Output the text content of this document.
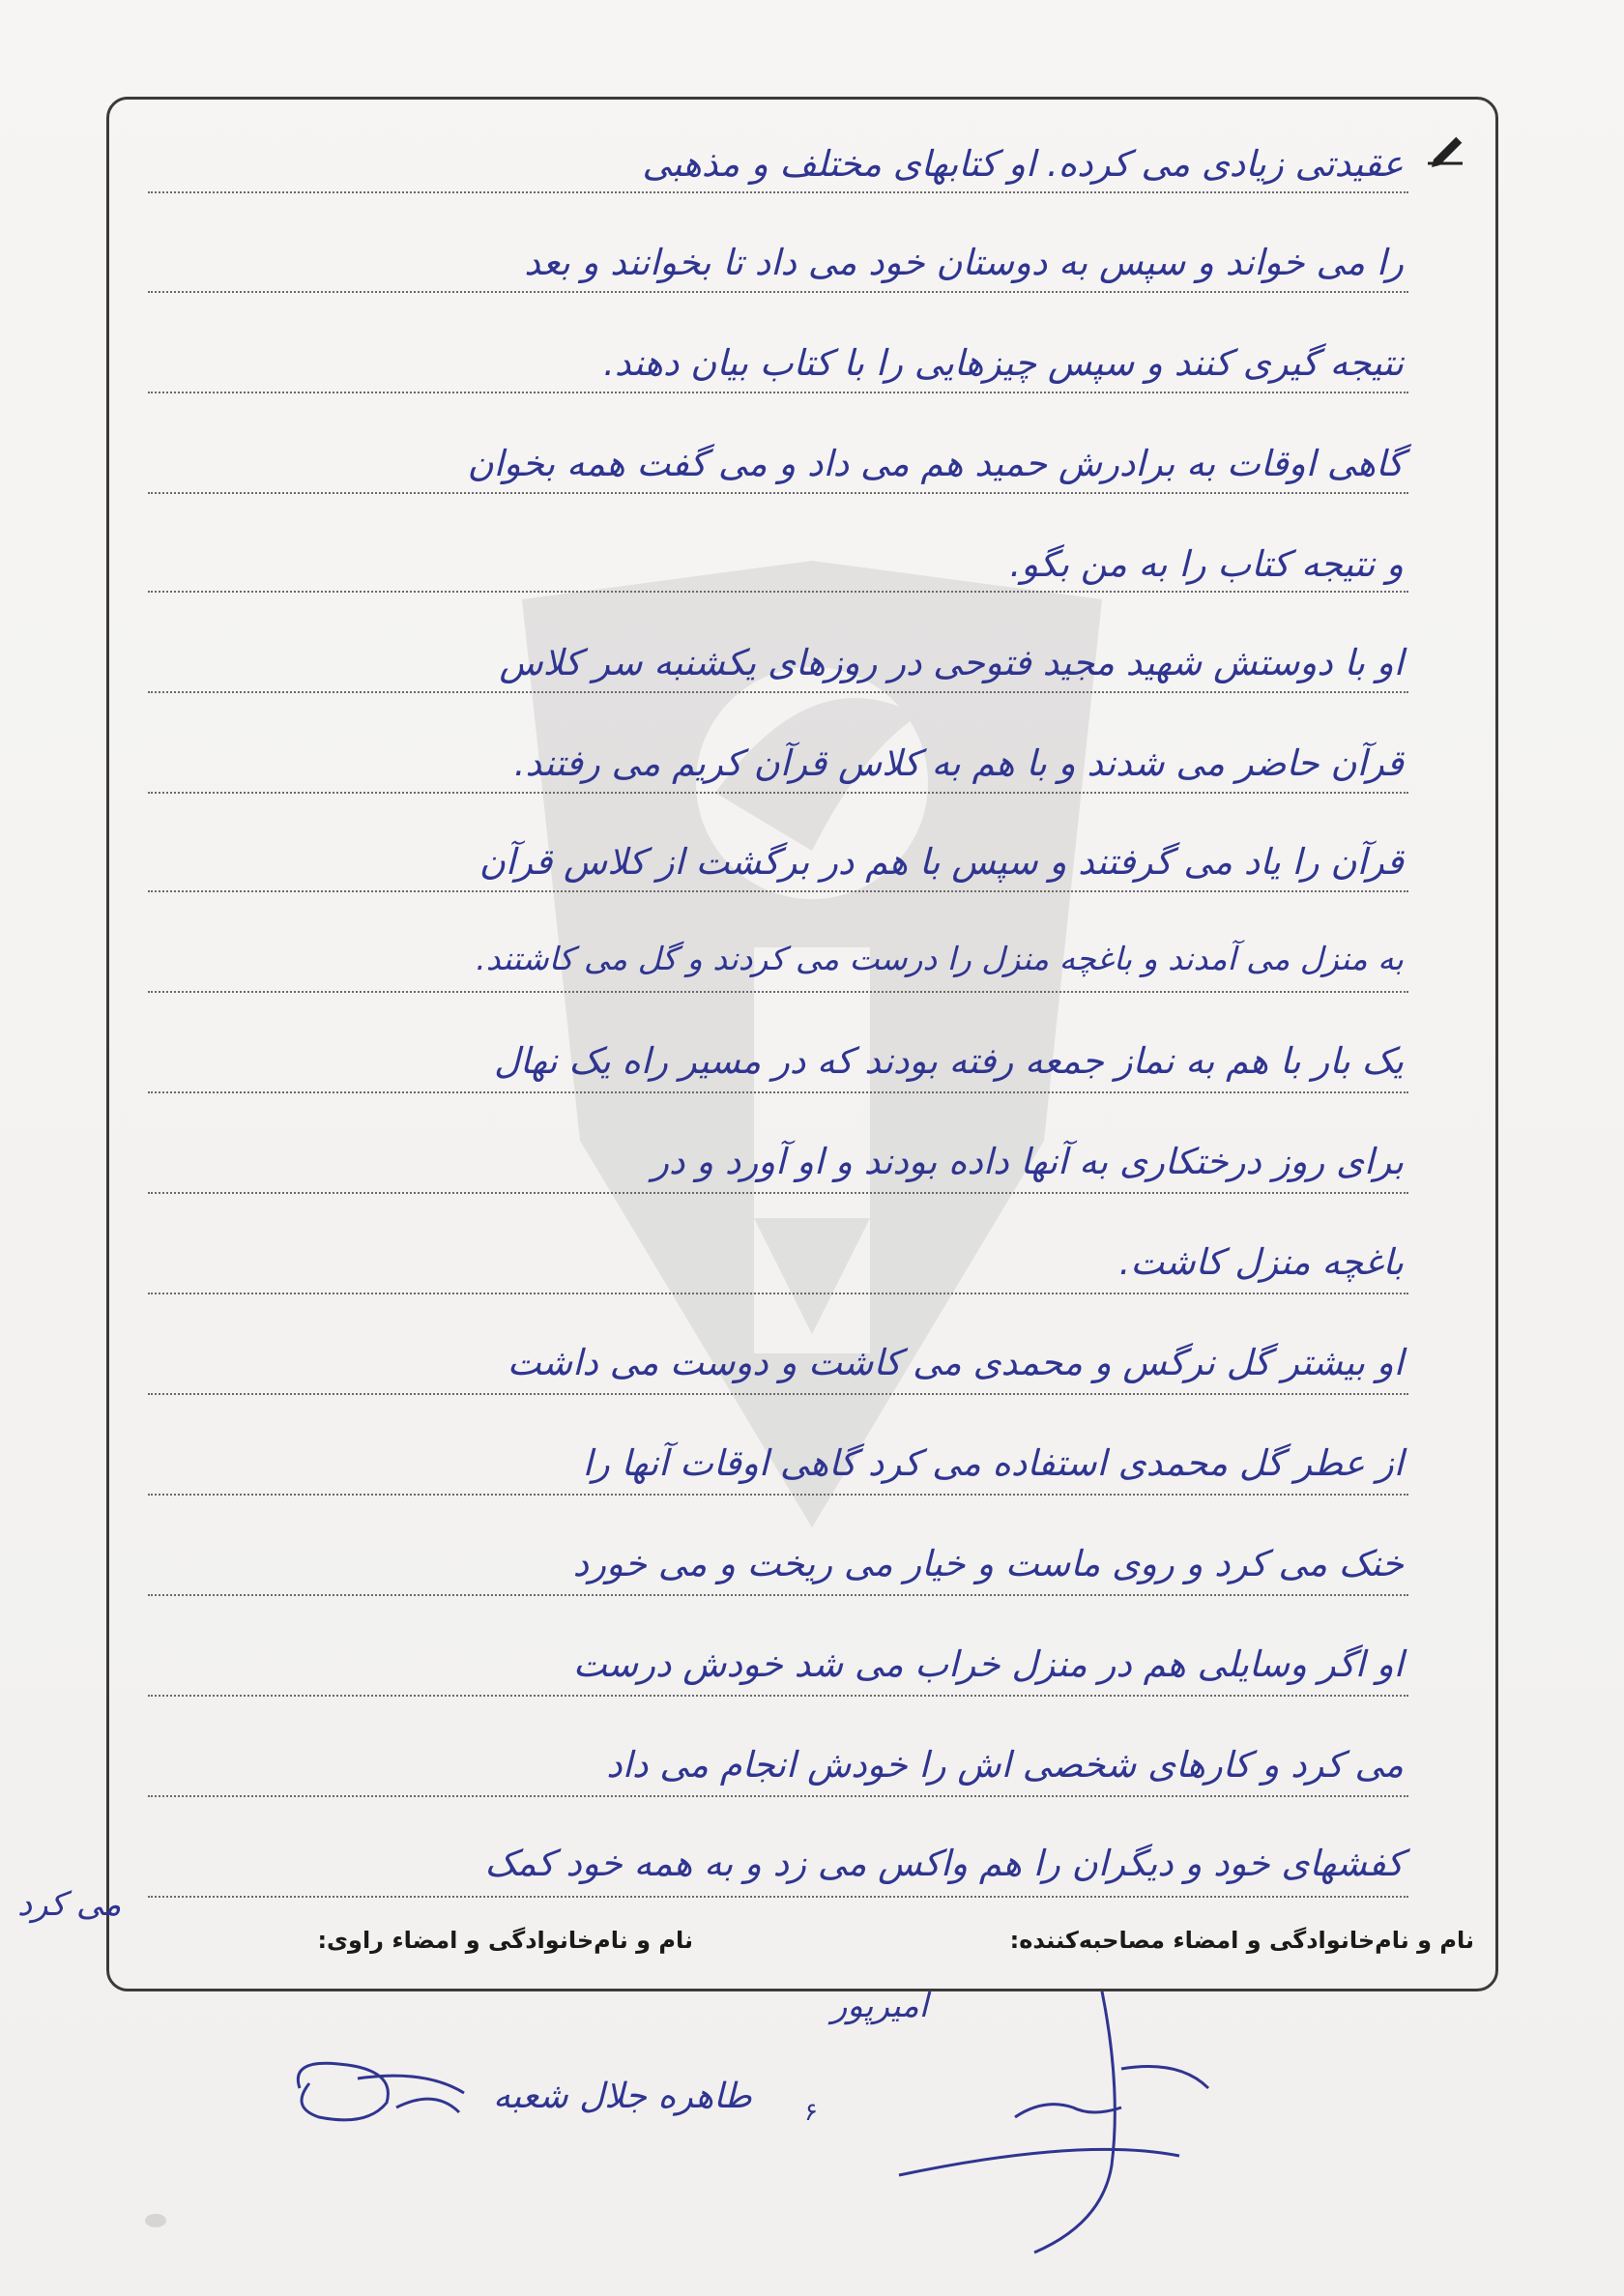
عقیدتی زیادی می کرده. او کتابهای مختلف و مذهبی
را می خواند و سپس به دوستان خود می داد تا بخوانند و بعد
نتیجه گیری کنند و سپس چیزهایی را با کتاب بیان دهند.
گاهی اوقات به برادرش حمید هم می داد و می گفت همه بخوان
و نتیجه کتاب را به من بگو.
او با دوستش شهید مجید فتوحی در روزهای یکشنبه سر کلاس
قرآن حاضر می شدند و با هم به کلاس قرآن کریم می رفتند.
قرآن را یاد می گرفتند و سپس با هم در برگشت از کلاس قرآن
به منزل می آمدند و باغچه منزل را درست می کردند و گل می کاشتند.
یک بار با هم به نماز جمعه رفته بودند که در مسیر راه یک نهال
برای روز درختکاری به آنها داده بودند و او آورد و در
باغچه منزل کاشت.
او بیشتر گل نرگس و محمدی می کاشت و دوست می داشت
از عطر گل محمدی استفاده می کرد گاهی اوقات آنها را
خنک می کرد و روی ماست و خیار می ریخت و می خورد
او اگر وسایلی هم در منزل خراب می شد خودش درست
می کرد و کارهای شخصی اش را خودش انجام می داد
کفشهای خود و دیگران را هم واکس می زد و به همه خود کمک
نام و نام‌خانوادگی و امضاء مصاحبه‌کننده:
نام و نام‌خانوادگی و امضاء راوی:
می کرد
امیرپور
۶
طاهره جلال شعبه
